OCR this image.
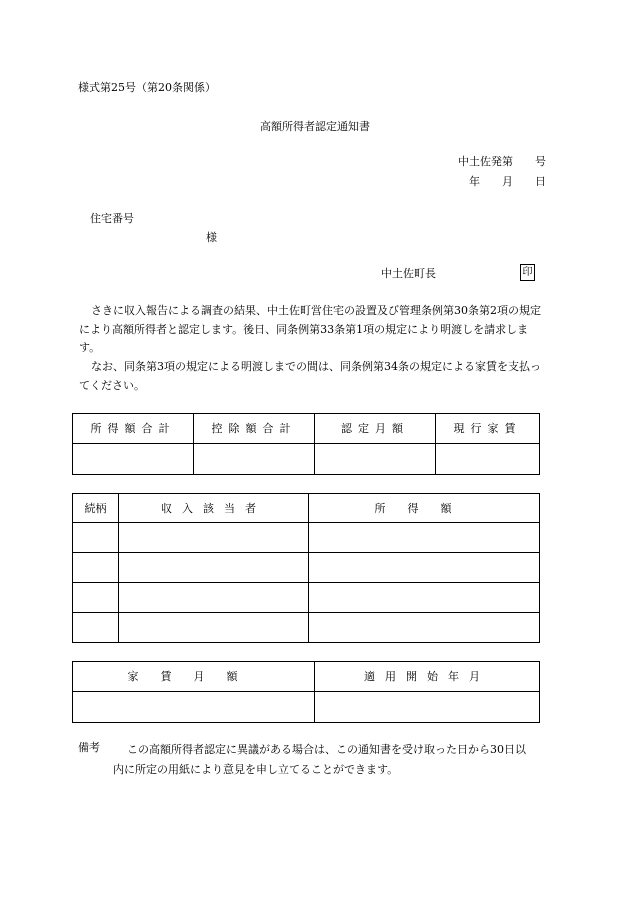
様式第25号（第20条関係）
高額所得者認定通知書
中土佐発第　　号
年　　月　　日
住宅番号
様
中土佐町長	印
さきに収入報告による調査の結果、中土佐町営住宅の設置及び管理条例第30条第2項の規定により高額所得者と認定します。後日、同条例第33条第1項の規定により明渡しを請求します。
なお、同条第3項の規定による明渡しまでの間は、同条例第34条の規定による家賃を支払ってください。
所得額合計	控除額合計	認定月額	現行家賃

続柄	収入該当者	所得額

家賃月額	適用開始年月

備考 この高額所得者認定に異議がある場合は、この通知書を受け取った日から30日以
内に所定の用紙により意見を申し立てることができます。
